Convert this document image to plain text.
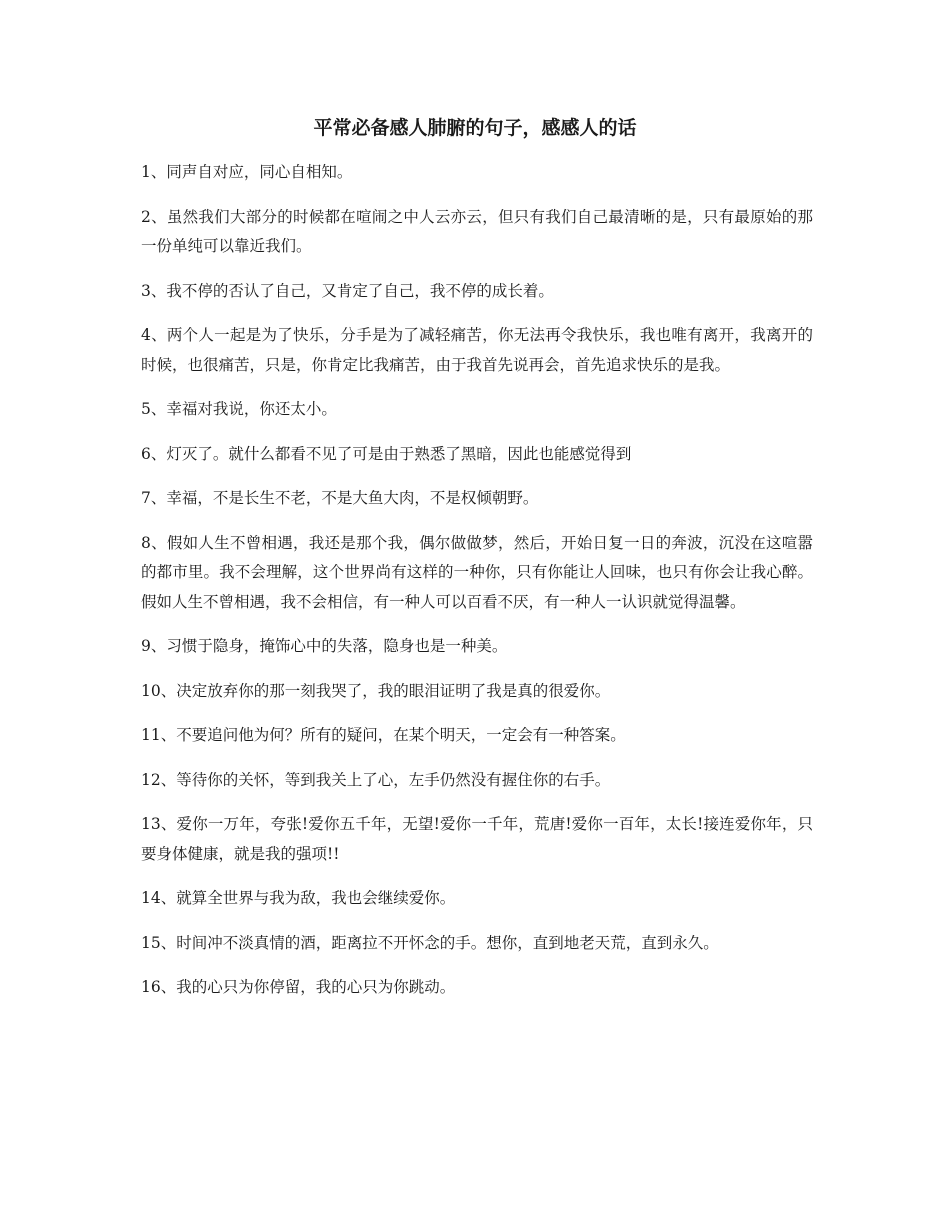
平常必备感人肺腑的句子，感感人的话

1、同声自对应，同心自相知。

2、虽然我们大部分的时候都在喧闹之中人云亦云，但只有我们自己最清晰的是，只有最原始的那一份单纯可以靠近我们。

3、我不停的否认了自己，又肯定了自己，我不停的成长着。

4、两个人一起是为了快乐，分手是为了减轻痛苦，你无法再令我快乐，我也唯有离开，我离开的时候，也很痛苦，只是，你肯定比我痛苦，由于我首先说再会，首先追求快乐的是我。

5、幸福对我说，你还太小。

6、灯灭了。就什么都看不见了可是由于熟悉了黑暗，因此也能感觉得到

7、幸福，不是长生不老，不是大鱼大肉，不是权倾朝野。

8、假如人生不曾相遇，我还是那个我，偶尔做做梦，然后，开始日复一日的奔波，沉没在这喧嚣的都市里。我不会理解，这个世界尚有这样的一种你，只有你能让人回味，也只有你会让我心醉。假如人生不曾相遇，我不会相信，有一种人可以百看不厌，有一种人一认识就觉得温馨。

9、习惯于隐身，掩饰心中的失落，隐身也是一种美。

10、决定放弃你的那一刻我哭了，我的眼泪证明了我是真的很爱你。

11、不要追问他为何？所有的疑问，在某个明天，一定会有一种答案。

12、等待你的关怀，等到我关上了心，左手仍然没有握住你的右手。

13、爱你一万年，夸张!爱你五千年，无望!爱你一千年，荒唐!爱你一百年，太长!接连爱你年，只要身体健康，就是我的强项!!

14、就算全世界与我为敌，我也会继续爱你。

15、时间冲不淡真情的酒，距离拉不开怀念的手。想你，直到地老天荒，直到永久。

16、我的心只为你停留，我的心只为你跳动。
